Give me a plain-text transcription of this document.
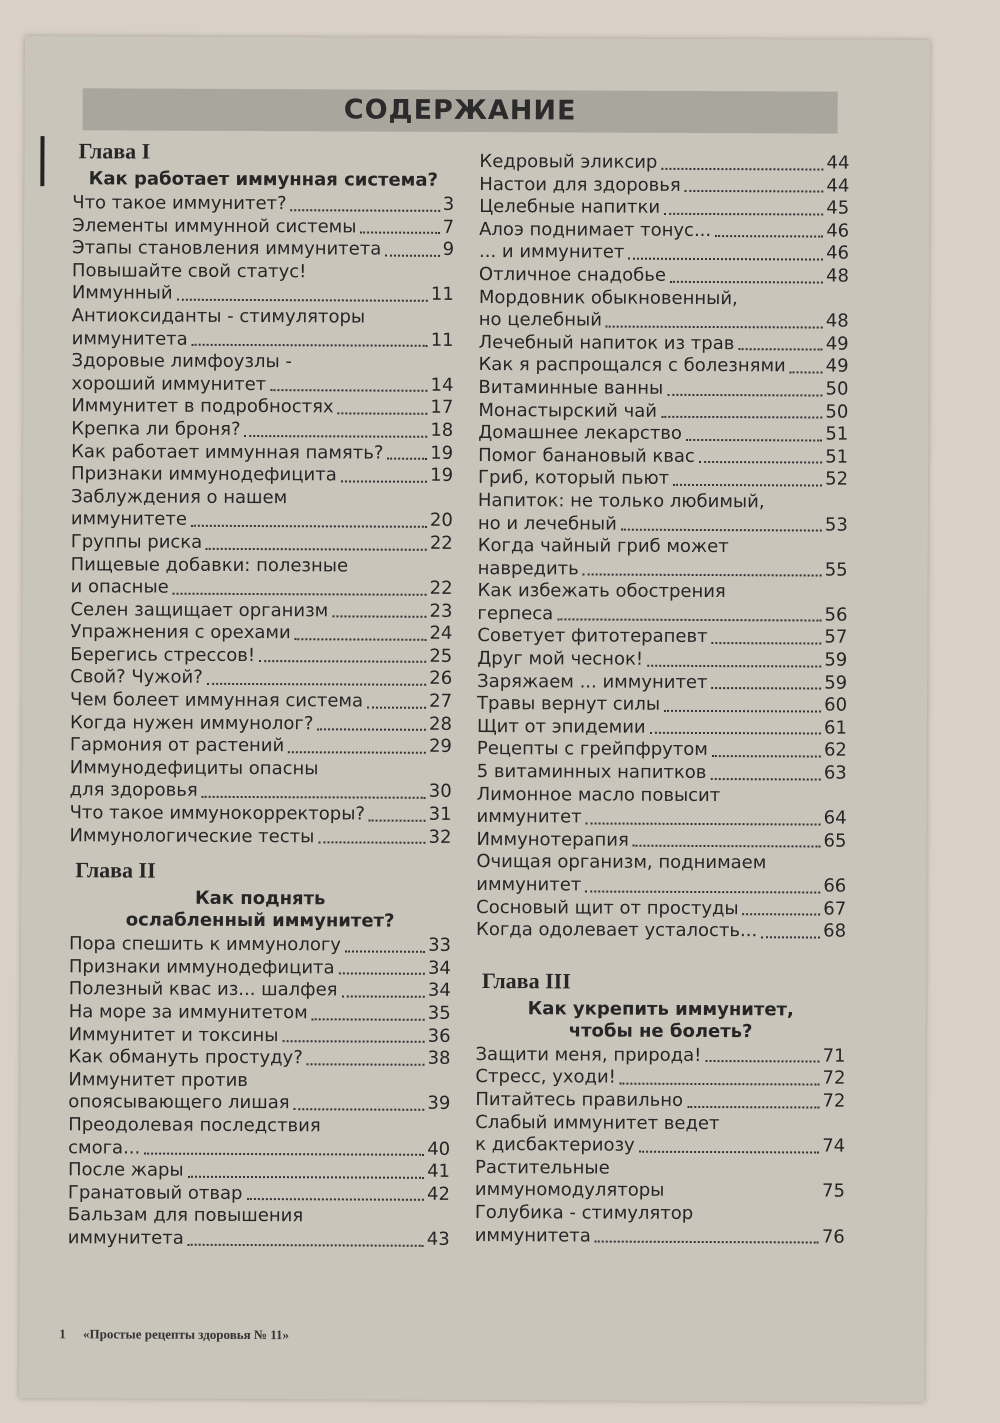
СОДЕРЖАНИЕ
Глава I
Как работает иммунная система?
Что такое иммунитет?	3
Элементы иммунной системы	7
Этапы становления иммунитета	9
Повышайте свой статус!
Иммунный	11
Антиоксиданты - стимуляторы
иммунитета	11
Здоровые лимфоузлы -
хороший иммунитет	14
Иммунитет в подробностях	17
Крепка ли броня?	18
Как работает иммунная память?	19
Признаки иммунодефицита	19
Заблуждения о нашем
иммунитете	20
Группы риска	22
Пищевые добавки: полезные
и опасные	22
Селен защищает организм	23
Упражнения с орехами	24
Берегись стрессов!	25
Свой? Чужой?	26
Чем болеет иммунная система	27
Когда нужен иммунолог?	28
Гармония от растений	29
Иммунодефициты опасны
для здоровья	30
Что такое иммунокорректоры?	31
Иммунологические тесты	32
Глава II
Как поднять
ослабленный иммунитет?
Пора спешить к иммунологу	33
Признаки иммунодефицита	34
Полезный квас из... шалфея	34
На море за иммунитетом	35
Иммунитет и токсины	36
Как обмануть простуду?	38
Иммунитет против
опоясывающего лишая	39
Преодолевая последствия
смога...	40
После жары	41
Гранатовый отвар	42
Бальзам для повышения
иммунитета	43
Кедровый эликсир	44
Настои для здоровья	44
Целебные напитки	45
Алоэ поднимает тонус...	46
... и иммунитет	46
Отличное снадобье	48
Мордовник обыкновенный,
но целебный	48
Лечебный напиток из трав	49
Как я распрощался с болезнями 49
Витаминные ванны	50
Монастырский чай	50
Домашнее лекарство	51
Помог банановый квас	51
Гриб, который пьют	52
Напиток: не только любимый,
но и лечебный	53
Когда чайный гриб может
навредить	55
Как избежать обострения
герпеса	56
Советует фитотерапевт	57
Друг мой чеснок!	59
Заряжаем ... иммунитет	59
Травы вернут силы	60
Щит от эпидемии	61
Рецепты с грейпфрутом	62
5 витаминных напитков	63
Лимонное масло повысит
иммунитет	64
Иммунотерапия	65
Очищая организм, поднимаем
иммунитет	66
Сосновый щит от простуды	67
Когда одолевает усталость...	68
Глава III
Как укрепить иммунитет,
чтобы не болеть?
Защити меня, природа!	71
Стресс, уходи!	72
Питайтесь правильно	72
Слабый иммунитет ведет
к дисбактериозу	74
Растительные
иммуномодуляторы	75
Голубика - стимулятор
иммунитета	76
1 «Простые рецепты здоровья № 11»
